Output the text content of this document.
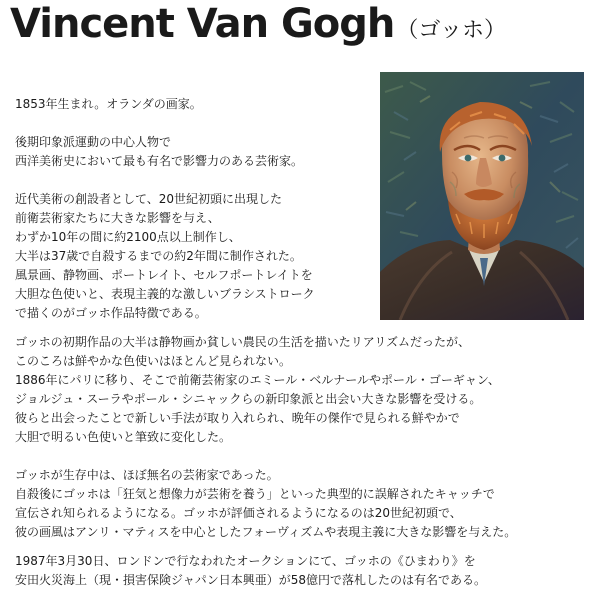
Vincent Van Gogh（ゴッホ）
1853年生まれ。オランダの画家。
後期印象派運動の中心人物で
西洋美術史において最も有名で影響力のある芸術家。
近代美術の創設者として、20世紀初頭に出現した
前衛芸術家たちに大きな影響を与え、
わずか10年の間に約2100点以上制作し、
大半は37歳で自殺するまでの約2年間に制作された。
風景画、静物画、ポートレイト、セルフポートレイトを
大胆な色使いと、表現主義的な激しいブラシストローク
で描くのがゴッホ作品特徴である。
ゴッホの初期作品の大半は静物画か貧しい農民の生活を描いたリアリズムだったが、
このころは鮮やかな色使いはほとんど見られない。
1886年にパリに移り、そこで前衛芸術家のエミール・ベルナールやポール・ゴーギャン、
ジョルジュ・スーラやポール・シニャックらの新印象派と出会い大きな影響を受ける。
彼らと出会ったことで新しい手法が取り入れられ、晩年の傑作で見られる鮮やかで
大胆で明るい色使いと筆致に変化した。
ゴッホが生存中は、ほぼ無名の芸術家であった。
自殺後にゴッホは「狂気と想像力が芸術を養う」といった典型的に誤解されたキャッチで
宣伝され知られるようになる。ゴッホが評価されるようになるのは20世紀初頭で、
彼の画風はアンリ・マティスを中心としたフォーヴィズムや表現主義に大きな影響を与えた。
1987年3月30日、ロンドンで行なわれたオークションにて、ゴッホの《ひまわり》を
安田火災海上（現・損害保険ジャパン日本興亜）が58億円で落札したのは有名である。
